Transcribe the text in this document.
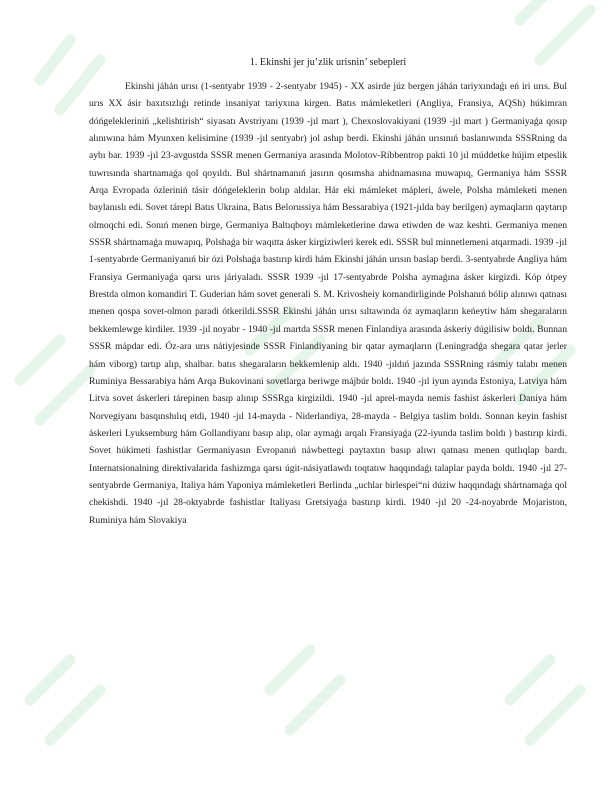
1. Ekinshi jer ju’zlik urisnin’ sebepleri

Ekinshi jáhán urısı (1-sentyabr 1939 - 2-sentyabr 1945) - XX asirde júz bergen jáhán tariyxındaǵı eń iri urıs. Bul urıs XX ásir baxıtsızlıǵı retinde insaniyat tariyxına kirgen. Batıs mámleketleri (Angliya, Fransiya, AQSh) húkimran dóńgelekleriniń „kelishtirish“ siyasatı Avstriyanı (1939 -jıl mart ), Chexoslovakiyani (1939 -jıl mart ) Germaniyaǵa qosıp alınıwına hám Myunxen kelisimine (1939 -jıl sentyabr) jol ashıp berdi. Ekinshi jáhán urısınıń baslanıwında SSSRning da aybı bar. 1939 -jıl 23-avgustda SSSR menen Germaniya arasında Molotov-Ribbentrop pakti 10 jıl múddetke hújim etpeslik tuwrısında shartnamaǵa qol qoyıldı. Bul shártnamanıń jasırın qosımsha ahidnamasına muwapıq, Germaniya hám SSSR Arqa Evropada ózleriniń tásir dóńgeleklerin bolıp aldılar. Hár eki mámleket mápleri, áwele, Polsha mámleketi menen baylanıslı edi. Sovet tárepi Batıs Ukraina, Batıs Belorussiya hám Bessarabiya (1921-jılda bay berilgen) aymaqların qaytarıp olmoqchi edi. Sonıń menen birge, Germaniya Baltıqboyı mámleketlerine dawa etiwden de waz keshti. Germaniya menen SSSR shártnamaǵa muwapıq, Polshaǵa bir waqıtta ásker kirgiziwleri kerek edi. SSSR bul minnetlemeni atqarmadi. 1939 -jıl 1-sentyabrde Germaniyanıń bir ózi Polshaǵa bastırıp kirdi hám Ekinshi jáhán urısın baslap berdi. 3-sentyabrde Angliya hám Fransiya Germaniyaǵa qarsı urıs járiyaladı. SSSR 1939 -jıl 17-sentyabrde Polsha aymaǵına ásker kirgizdi. Kóp ótpey Brestda olmon komandiri T. Guderian hám sovet generali S. M. Krivosheiy komandirliginde Polshanıń bólip alınıwı qatnası menen qospa sovet-olmon paradi ótkerildi.SSSR Ekinshi jáhán urısı sıltawında óz aymaqların keńeytiw hám shegaraların bekkemlewge kirdiler. 1939 -jıl noyabr - 1940 -jıl martda SSSR menen Finlandiya arasında áskeriy dúgilisiw boldı. Bunnan SSSR mápdar edi. Óz-ara urıs nátiyjesinde SSSR Finlandiyaning bir qatar aymaqların (Leningradǵa shegara qatar jerler hám viborg) tartıp alıp, shalbar. batıs shegaraların bekkemlenip aldı. 1940 -jıldıń jazında SSSRning rásmiy talabı menen Ruminiya Bessarabiya hám Arqa Bukovinani sovetlarga beriwge májbúr boldı. 1940 -jıl iyun ayında Estoniya, Latviya hám Litva sovet áskerleri tárepinen basıp alınıp SSSRga kirgizildi. 1940 -jıl aprel-mayda nemis fashist áskerleri Daniya hám Norvegiyanı basqınshılıq etdi, 1940 -jıl 14-mayda - Niderlandiya, 28-mayda - Belgiya taslim boldı. Sonnan keyin fashist áskerleri Lyuksemburg hám Gollandiyanı basıp alıp, olar aymaǵı arqalı Fransiyaǵa (22-iyunda taslim boldı ) bastırıp kirdi. Sovet húkimeti fashistlar Germaniyasın Evropanıń náwbettegi paytaxtın basıp alıwı qatnası menen qutlıqlap bardı. Internatsionalning direktivalarida fashizmga qarsı úgit-násiyatlawdı toqtatıw haqqındaǵı talaplar payda boldı. 1940 -jıl 27-sentyabrde Germaniya, Italiya hám Yaponiya mámleketleri Berlinda „uchlar birlespei“ni dúziw haqqındaǵı shártnamaǵa qol chekishdi. 1940 -jıl 28-oktyabrde fashistlar Italiyası Gretsiyaǵa bastırıp kirdi. 1940 -jıl 20 -24-noyabrde Mojariston, Ruminiya hám Slovakiya
